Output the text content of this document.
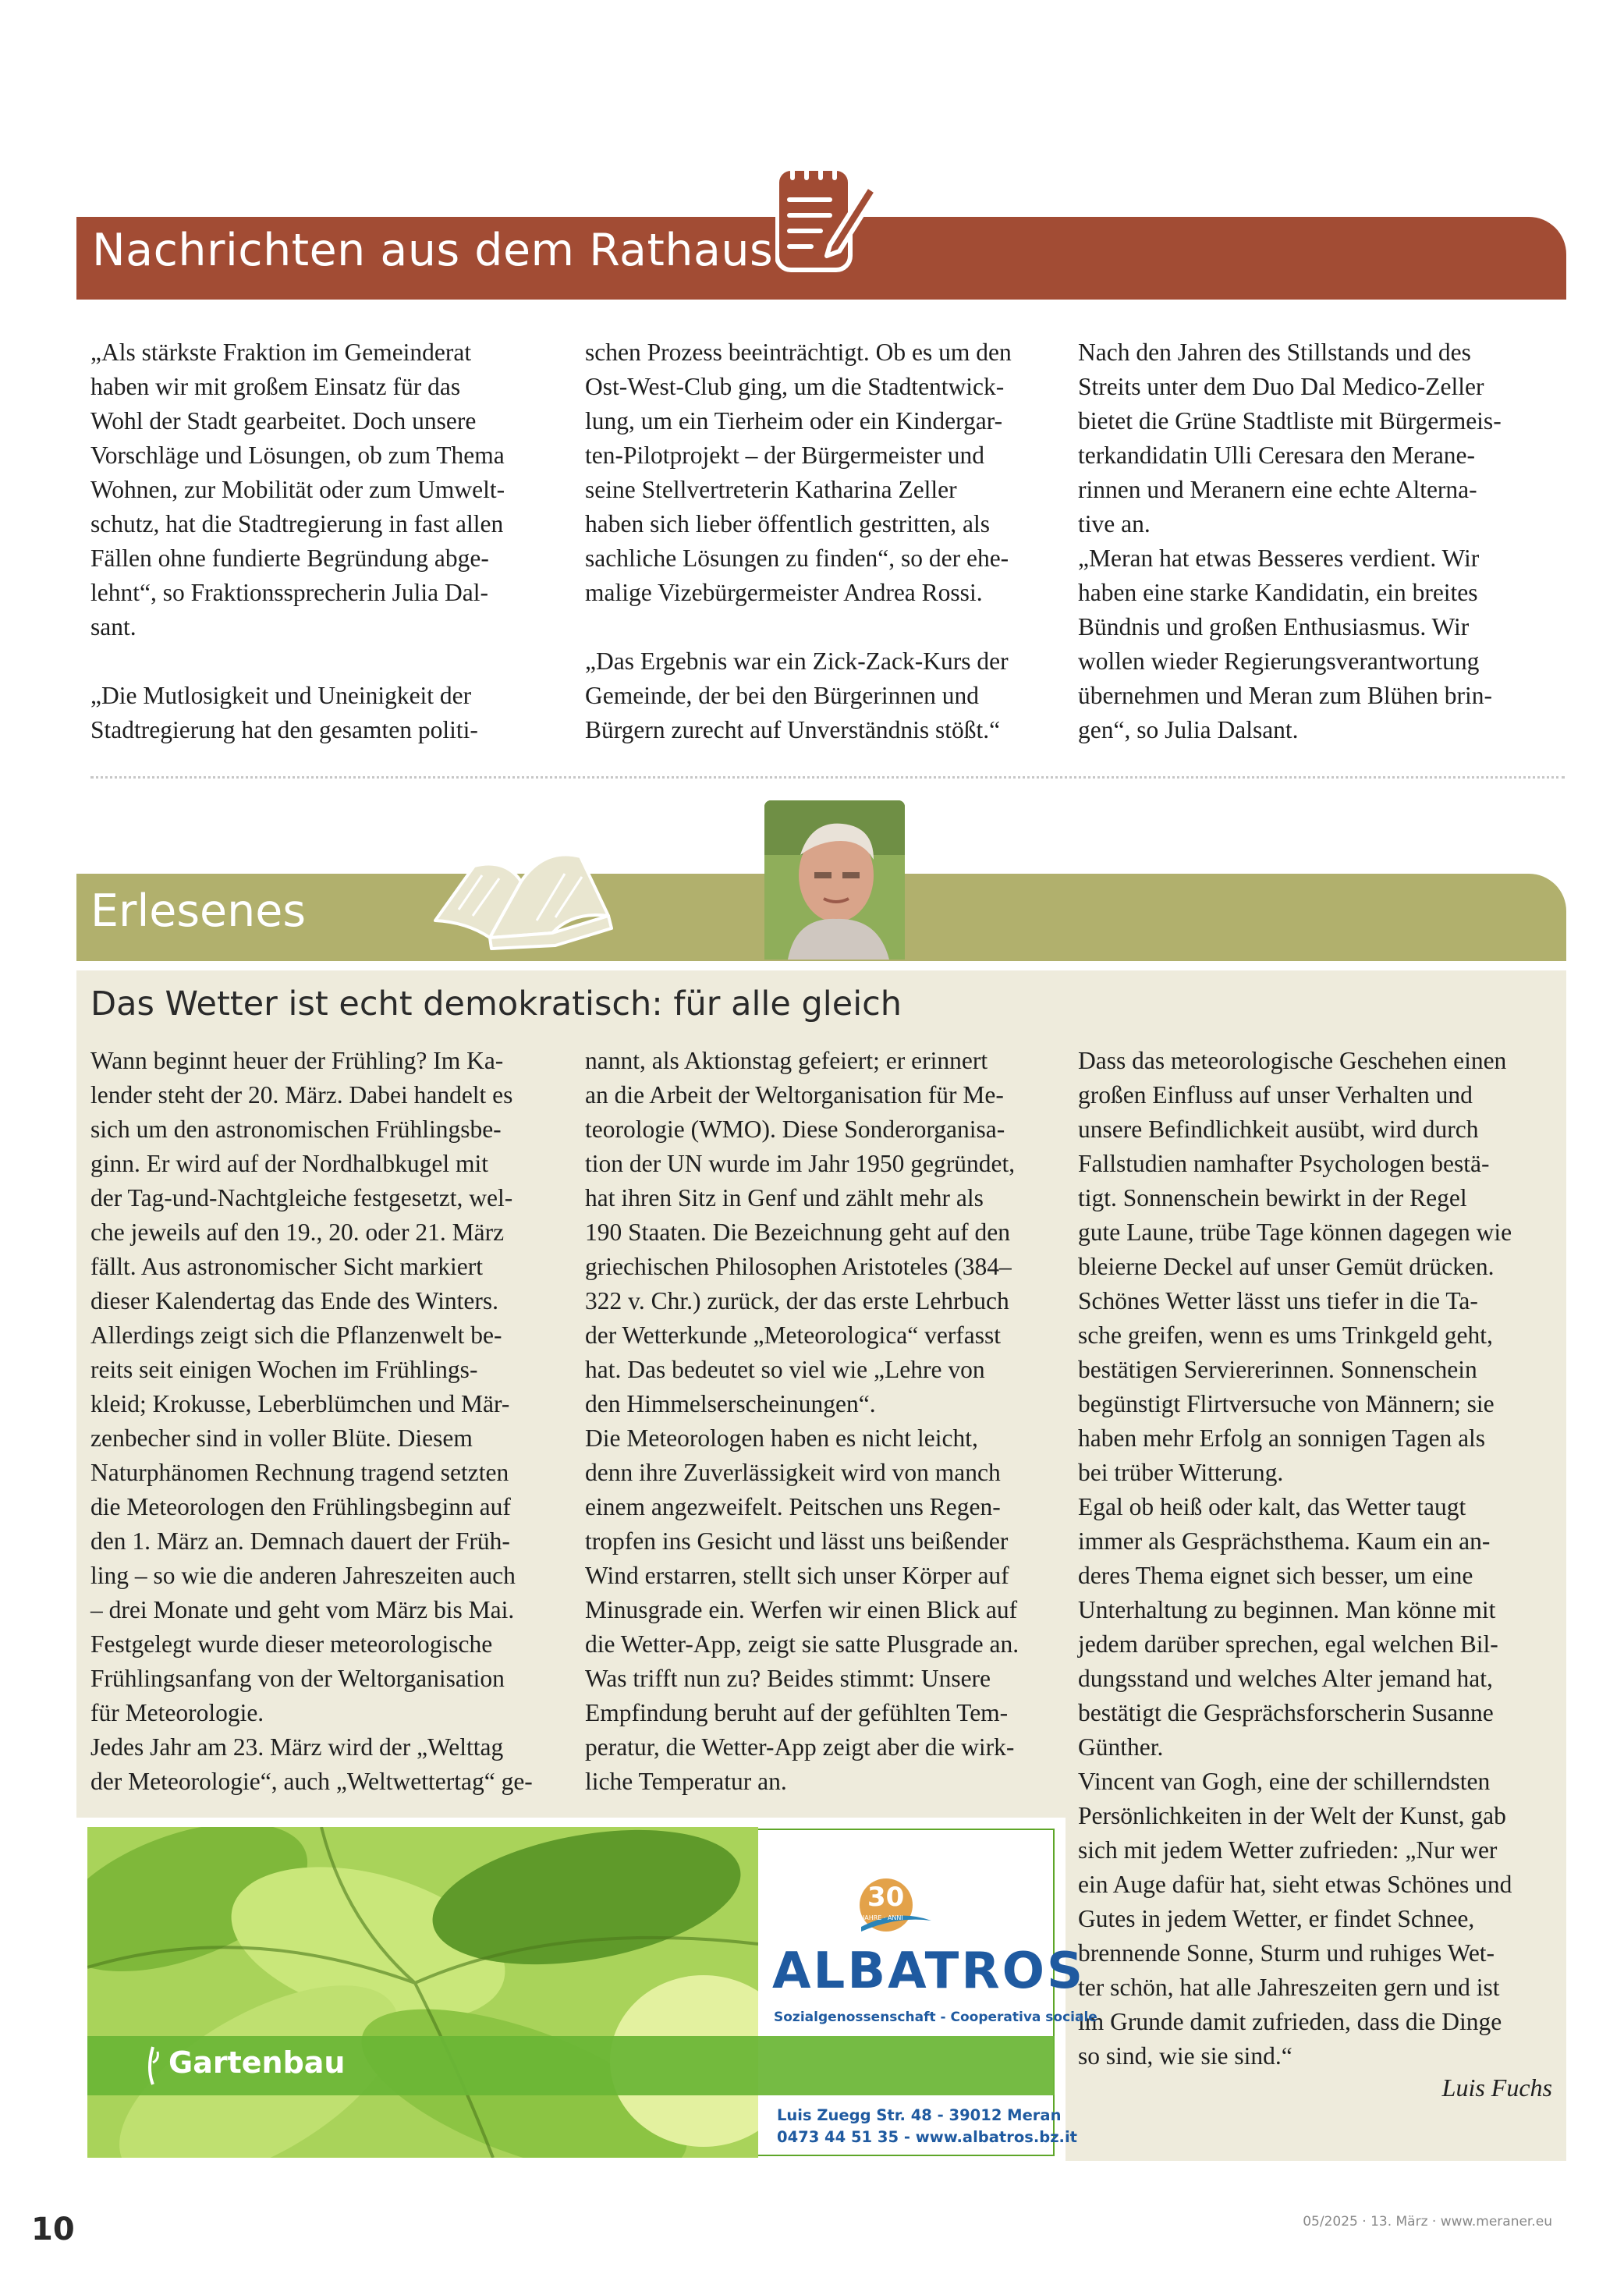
Nachrichten aus dem Rathaus
„Als stärkste Fraktion im Gemeinderat
haben wir mit großem Einsatz für das
Wohl der Stadt gearbeitet. Doch unsere
Vorschläge und Lösungen, ob zum Thema
Wohnen, zur Mobilität oder zum Umwelt-
schutz, hat die Stadtregierung in fast allen
Fällen ohne fundierte Begründung abge-
lehnt“, so Fraktionssprecherin Julia Dal-
sant.

„Die Mutlosigkeit und Uneinigkeit der
Stadtregierung hat den gesamten politi-
schen Prozess beeinträchtigt. Ob es um den
Ost-West-Club ging, um die Stadtentwick-
lung, um ein Tierheim oder ein Kindergar-
ten-Pilotprojekt – der Bürgermeister und
seine Stellvertreterin Katharina Zeller
haben sich lieber öffentlich gestritten, als
sachliche Lösungen zu finden“, so der ehe-
malige Vizebürgermeister Andrea Rossi.

„Das Ergebnis war ein Zick-Zack-Kurs der
Gemeinde, der bei den Bürgerinnen und
Bürgern zurecht auf Unverständnis stößt.“
Nach den Jahren des Stillstands und des
Streits unter dem Duo Dal Medico-Zeller
bietet die Grüne Stadtliste mit Bürgermeis-
terkandidatin Ulli Ceresara den Merane-
rinnen und Meranern eine echte Alterna-
tive an.
„Meran hat etwas Besseres verdient. Wir
haben eine starke Kandidatin, ein breites
Bündnis und großen Enthusiasmus. Wir
wollen wieder Regierungsverantwortung
übernehmen und Meran zum Blühen brin-
gen“, so Julia Dalsant.
Erlesenes
Das Wetter ist echt demokratisch: für alle gleich
Wann beginnt heuer der Frühling? Im Ka-
lender steht der 20. März. Dabei handelt es
sich um den astronomischen Frühlingsbe-
ginn. Er wird auf der Nordhalbkugel mit
der Tag-und-Nachtgleiche festgesetzt, wel-
che jeweils auf den 19., 20. oder 21. März
fällt. Aus astronomischer Sicht markiert
dieser Kalendertag das Ende des Winters.
Allerdings zeigt sich die Pflanzenwelt be-
reits seit einigen Wochen im Frühlings-
kleid; Krokusse, Leberblümchen und Mär-
zenbecher sind in voller Blüte. Diesem
Naturphänomen Rechnung tragend setzten
die Meteorologen den Frühlingsbeginn auf
den 1. März an. Demnach dauert der Früh-
ling – so wie die anderen Jahreszeiten auch
– drei Monate und geht vom März bis Mai.
Festgelegt wurde dieser meteorologische
Frühlingsanfang von der Weltorganisation
für Meteorologie.
Jedes Jahr am 23. März wird der „Welttag
der Meteorologie“, auch „Weltwettertag“ ge-
nannt, als Aktionstag gefeiert; er erinnert
an die Arbeit der Weltorganisation für Me-
teorologie (WMO). Diese Sonderorganisa-
tion der UN wurde im Jahr 1950 gegründet,
hat ihren Sitz in Genf und zählt mehr als
190 Staaten. Die Bezeichnung geht auf den
griechischen Philosophen Aristoteles (384–
322 v. Chr.) zurück, der das erste Lehrbuch
der Wetterkunde „Meteorologica“ verfasst
hat. Das bedeutet so viel wie „Lehre von
den Himmelserscheinungen“.
Die Meteorologen haben es nicht leicht,
denn ihre Zuverlässigkeit wird von manch
einem angezweifelt. Peitschen uns Regen-
tropfen ins Gesicht und lässt uns beißender
Wind erstarren, stellt sich unser Körper auf
Minusgrade ein. Werfen wir einen Blick auf
die Wetter-App, zeigt sie satte Plusgrade an.
Was trifft nun zu? Beides stimmt: Unsere
Empfindung beruht auf der gefühlten Tem-
peratur, die Wetter-App zeigt aber die wirk-
liche Temperatur an.
Dass das meteorologische Geschehen einen
großen Einfluss auf unser Verhalten und
unsere Befindlichkeit ausübt, wird durch
Fallstudien namhafter Psychologen bestä-
tigt. Sonnenschein bewirkt in der Regel
gute Laune, trübe Tage können dagegen wie
bleierne Deckel auf unser Gemüt drücken.
Schönes Wetter lässt uns tiefer in die Ta-
sche greifen, wenn es ums Trinkgeld geht,
bestätigen Serviererinnen. Sonnenschein
begünstigt Flirtversuche von Männern; sie
haben mehr Erfolg an sonnigen Tagen als
bei trüber Witterung.
Egal ob heiß oder kalt, das Wetter taugt
immer als Gesprächsthema. Kaum ein an-
deres Thema eignet sich besser, um eine
Unterhaltung zu beginnen. Man könne mit
jedem darüber sprechen, egal welchen Bil-
dungsstand und welches Alter jemand hat,
bestätigt die Gesprächsforscherin Susanne
Günther.
Vincent van Gogh, eine der schillerndsten
Persönlichkeiten in der Welt der Kunst, gab
sich mit jedem Wetter zufrieden: „Nur wer
ein Auge dafür hat, sieht etwas Schönes und
Gutes in jedem Wetter, er findet Schnee,
brennende Sonne, Sturm und ruhiges Wet-
ter schön, hat alle Jahreszeiten gern und ist
im Grunde damit zufrieden, dass die Dinge
so sind, wie sie sind.“
Luis Fuchs
30
JAHRE · ANNI
ALBATROS
Sozialgenossenschaft - Cooperativa sociale
Gartenbau
Luis Zuegg Str. 48 - 39012 Meran
0473 44 51 35 - www.albatros.bz.it
10	05/2025 · 13. März · www.meraner.eu
